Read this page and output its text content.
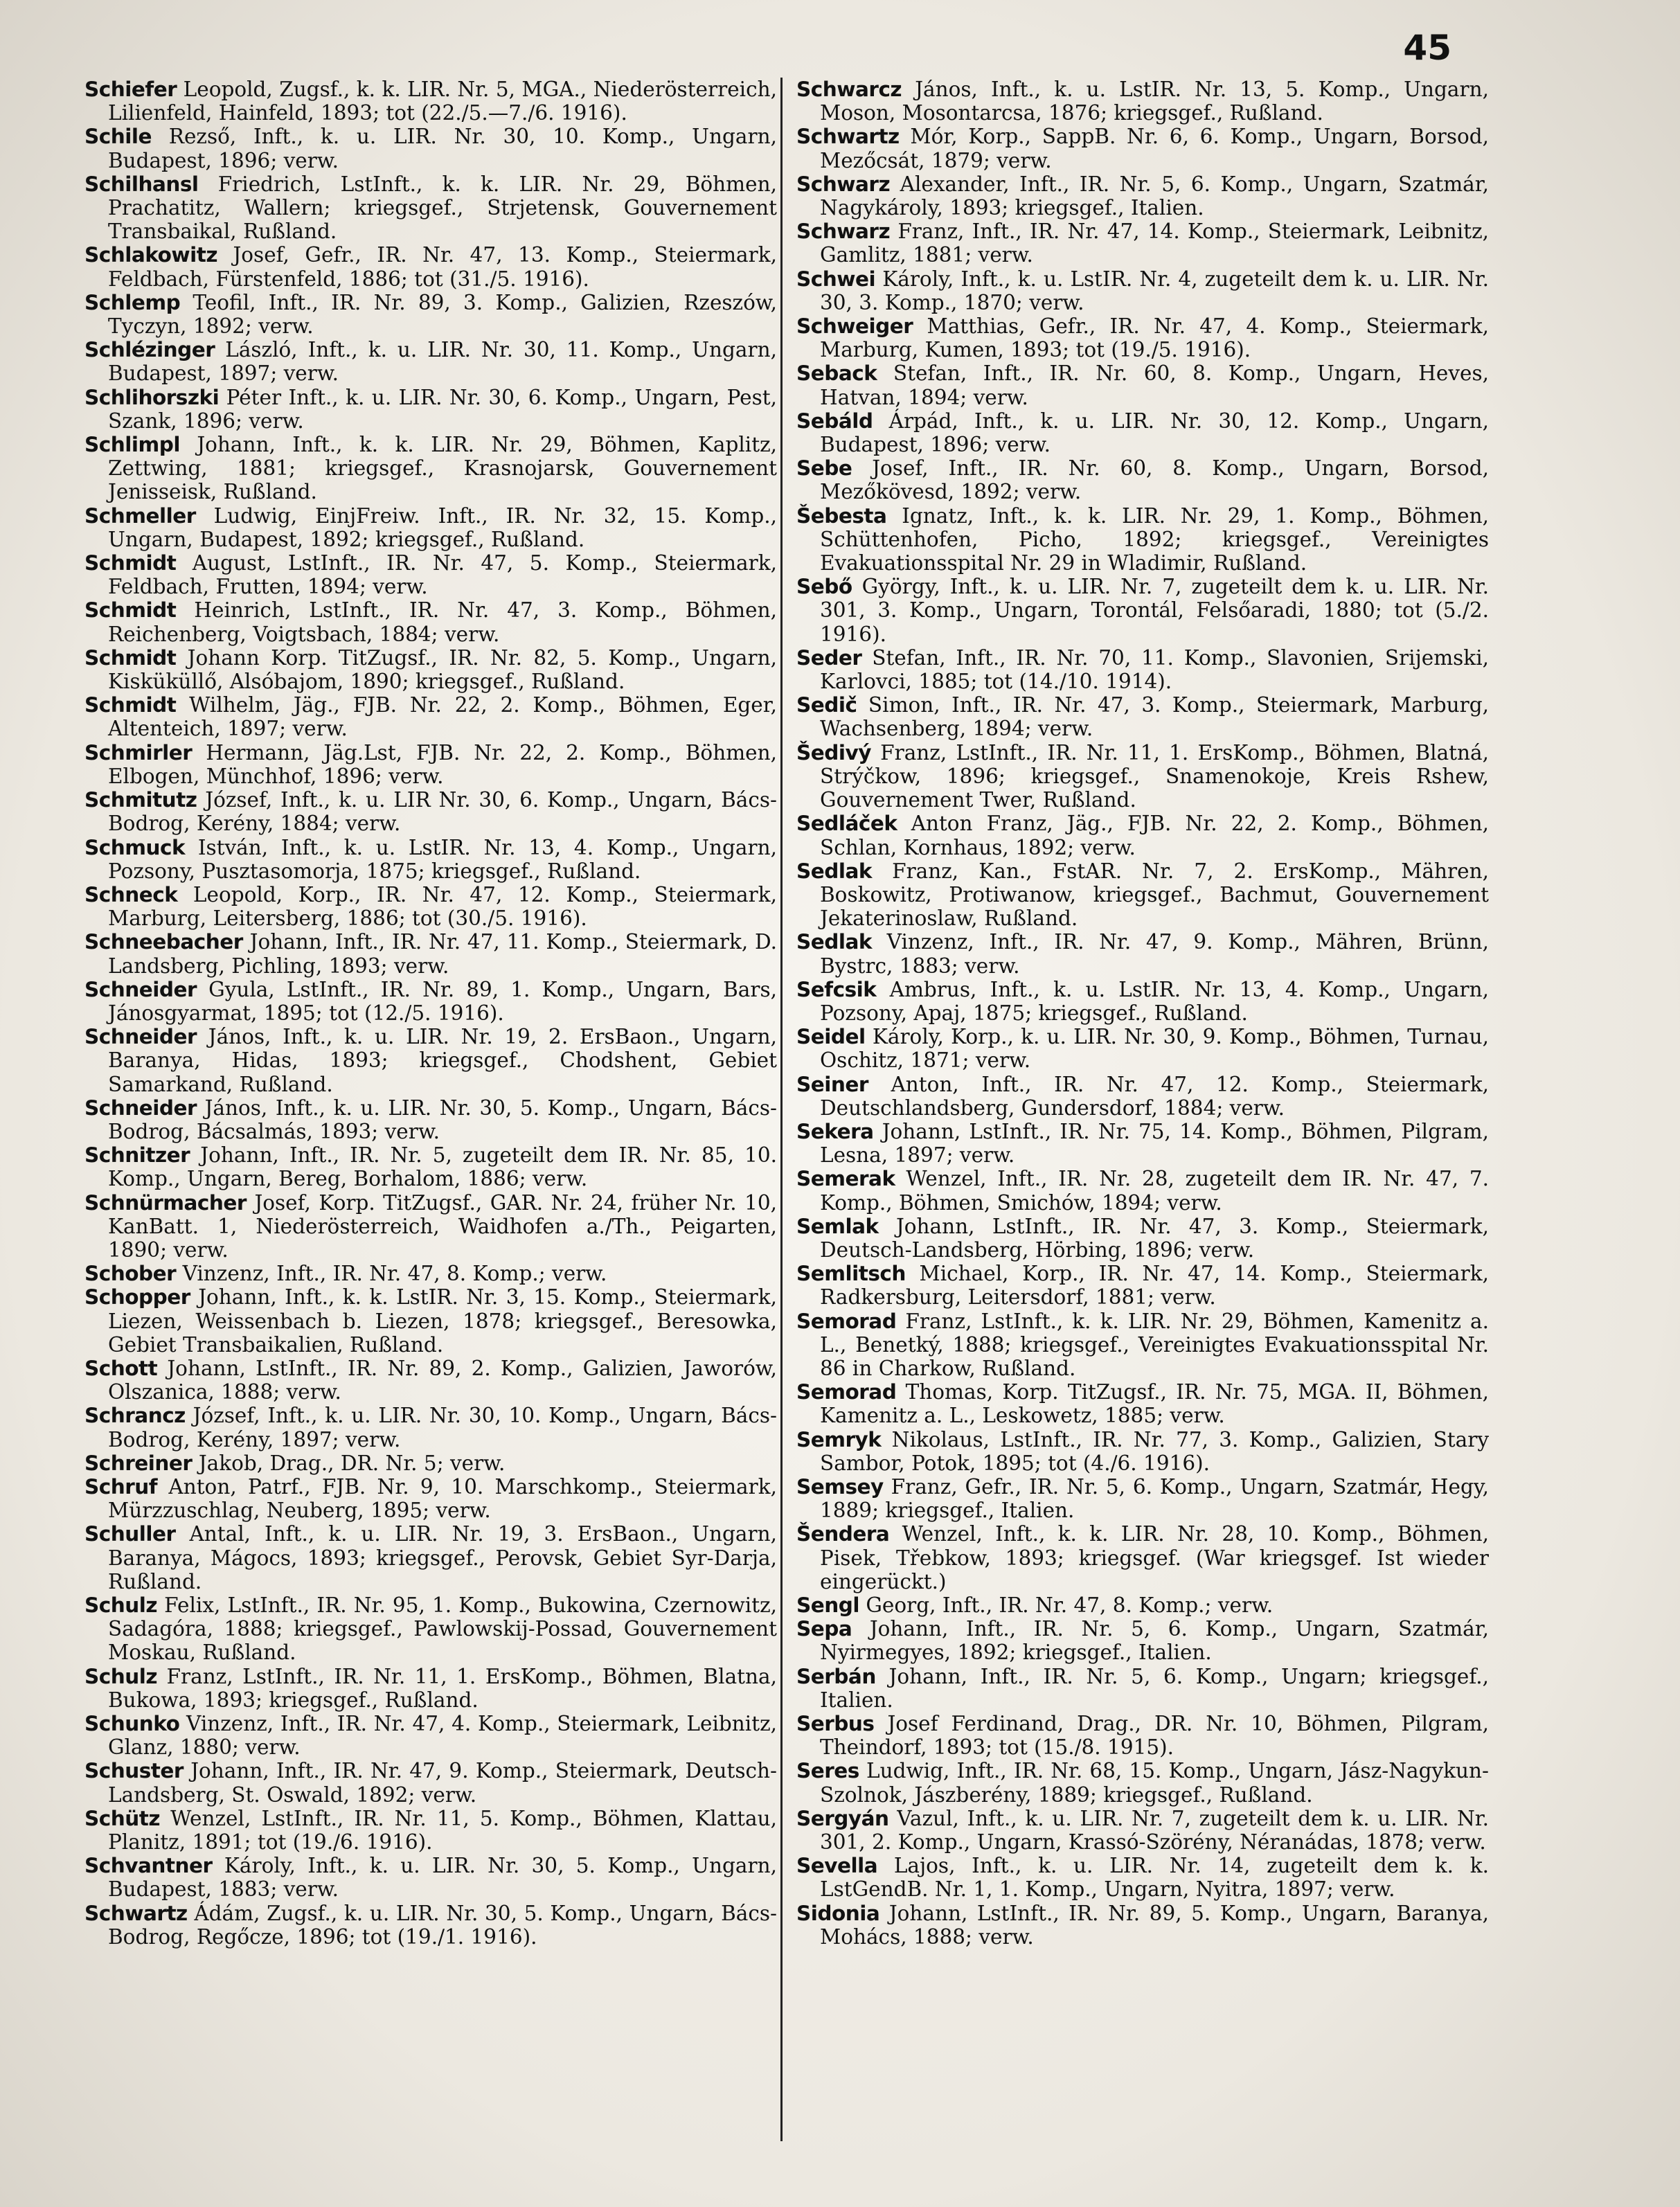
45

Schiefer Leopold, Zugsf., k. k. LIR. Nr. 5, MGA., Niederösterreich, Lilienfeld, Hainfeld, 1893; tot (22./5.—7./6. 1916).

Schile Rezső, Inft., k. u. LIR. Nr. 30, 10. Komp., Ungarn, Budapest, 1896; verw.

Schilhansl Friedrich, LstInft., k. k. LIR. Nr. 29, Böhmen, Prachatitz, Wallern; kriegsgef., Strjetensk, Gouvernement Transbaikal, Rußland.

Schlakowitz Josef, Gefr., IR. Nr. 47, 13. Komp., Steiermark, Feldbach, Fürstenfeld, 1886; tot (31./5. 1916).

Schlemp Teofil, Inft., IR. Nr. 89, 3. Komp., Galizien, Rzeszów, Tyczyn, 1892; verw.

Schlézinger László, Inft., k. u. LIR. Nr. 30, 11. Komp., Ungarn, Budapest, 1897; verw.

Schlihorszki Péter Inft., k. u. LIR. Nr. 30, 6. Komp., Ungarn, Pest, Szank, 1896; verw.

Schlimpl Johann, Inft., k. k. LIR. Nr. 29, Böhmen, Kaplitz, Zettwing, 1881; kriegsgef., Krasnojarsk, Gouvernement Jenisseisk, Rußland.

Schmeller Ludwig, EinjFreiw. Inft., IR. Nr. 32, 15. Komp., Ungarn, Budapest, 1892; kriegsgef., Rußland.

Schmidt August, LstInft., IR. Nr. 47, 5. Komp., Steiermark, Feldbach, Frutten, 1894; verw.

Schmidt Heinrich, LstInft., IR. Nr. 47, 3. Komp., Böhmen, Reichenberg, Voigtsbach, 1884; verw.

Schmidt Johann Korp. TitZugsf., IR. Nr. 82, 5. Komp., Ungarn, Kisküküllő, Alsóbajom, 1890; kriegsgef., Rußland.

Schmidt Wilhelm, Jäg., FJB. Nr. 22, 2. Komp., Böhmen, Eger, Altenteich, 1897; verw.

Schmirler Hermann, Jäg.Lst, FJB. Nr. 22, 2. Komp., Böhmen, Elbogen, Münchhof, 1896; verw.

Schmitutz József, Inft., k. u. LIR Nr. 30, 6. Komp., Ungarn, Bács-Bodrog, Kerény, 1884; verw.

Schmuck István, Inft., k. u. LstIR. Nr. 13, 4. Komp., Ungarn, Pozsony, Pusztasomorja, 1875; kriegsgef., Rußland.

Schneck Leopold, Korp., IR. Nr. 47, 12. Komp., Steiermark, Marburg, Leitersberg, 1886; tot (30./5. 1916).

Schneebacher Johann, Inft., IR. Nr. 47, 11. Komp., Steiermark, D. Landsberg, Pichling, 1893; verw.

Schneider Gyula, LstInft., IR. Nr. 89, 1. Komp., Ungarn, Bars, Jánosgyarmat, 1895; tot (12./5. 1916).

Schneider János, Inft., k. u. LIR. Nr. 19, 2. ErsBaon., Ungarn, Baranya, Hidas, 1893; kriegsgef., Chodshent, Gebiet Samarkand, Rußland.

Schneider János, Inft., k. u. LIR. Nr. 30, 5. Komp., Ungarn, Bács-Bodrog, Bácsalmás, 1893; verw.

Schnitzer Johann, Inft., IR. Nr. 5, zugeteilt dem IR. Nr. 85, 10. Komp., Ungarn, Bereg, Borhalom, 1886; verw.

Schnürmacher Josef, Korp. TitZugsf., GAR. Nr. 24, früher Nr. 10, KanBatt. 1, Niederösterreich, Waidhofen a./Th., Peigarten, 1890; verw.

Schober Vinzenz, Inft., IR. Nr. 47, 8. Komp.; verw.

Schopper Johann, Inft., k. k. LstIR. Nr. 3, 15. Komp., Steiermark, Liezen, Weissenbach b. Liezen, 1878; kriegsgef., Beresowka, Gebiet Transbaikalien, Rußland.

Schott Johann, LstInft., IR. Nr. 89, 2. Komp., Galizien, Jaworów, Olszanica, 1888; verw.

Schrancz József, Inft., k. u. LIR. Nr. 30, 10. Komp., Ungarn, Bács-Bodrog, Kerény, 1897; verw.

Schreiner Jakob, Drag., DR. Nr. 5; verw.

Schruf Anton, Patrf., FJB. Nr. 9, 10. Marschkomp., Steiermark, Mürzzuschlag, Neuberg, 1895; verw.

Schuller Antal, Inft., k. u. LIR. Nr. 19, 3. ErsBaon., Ungarn, Baranya, Mágocs, 1893; kriegsgef., Perovsk, Gebiet Syr-Darja, Rußland.

Schulz Felix, LstInft., IR. Nr. 95, 1. Komp., Bukowina, Czernowitz, Sadagóra, 1888; kriegsgef., Pawlowskij-Possad, Gouvernement Moskau, Rußland.

Schulz Franz, LstInft., IR. Nr. 11, 1. ErsKomp., Böhmen, Blatna, Bukowa, 1893; kriegsgef., Rußland.

Schunko Vinzenz, Inft., IR. Nr. 47, 4. Komp., Steiermark, Leibnitz, Glanz, 1880; verw.

Schuster Johann, Inft., IR. Nr. 47, 9. Komp., Steiermark, Deutsch-Landsberg, St. Oswald, 1892; verw.

Schütz Wenzel, LstInft., IR. Nr. 11, 5. Komp., Böhmen, Klattau, Planitz, 1891; tot (19./6. 1916).

Schvantner Károly, Inft., k. u. LIR. Nr. 30, 5. Komp., Ungarn, Budapest, 1883; verw.

Schwartz Ádám, Zugsf., k. u. LIR. Nr. 30, 5. Komp., Ungarn, Bács-Bodrog, Regőcze, 1896; tot (19./1. 1916).

Schwarcz János, Inft., k. u. LstIR. Nr. 13, 5. Komp., Ungarn, Moson, Mosontarcsa, 1876; kriegsgef., Rußland.

Schwartz Mór, Korp., SappB. Nr. 6, 6. Komp., Ungarn, Borsod, Mezőcsát, 1879; verw.

Schwarz Alexander, Inft., IR. Nr. 5, 6. Komp., Ungarn, Szatmár, Nagykároly, 1893; kriegsgef., Italien.

Schwarz Franz, Inft., IR. Nr. 47, 14. Komp., Steiermark, Leibnitz, Gamlitz, 1881; verw.

Schwei Károly, Inft., k. u. LstIR. Nr. 4, zugeteilt dem k. u. LIR. Nr. 30, 3. Komp., 1870; verw.

Schweiger Matthias, Gefr., IR. Nr. 47, 4. Komp., Steiermark, Marburg, Kumen, 1893; tot (19./5. 1916).

Seback Stefan, Inft., IR. Nr. 60, 8. Komp., Ungarn, Heves, Hatvan, 1894; verw.

Sebáld Árpád, Inft., k. u. LIR. Nr. 30, 12. Komp., Ungarn, Budapest, 1896; verw.

Sebe Josef, Inft., IR. Nr. 60, 8. Komp., Ungarn, Borsod, Mezőkövesd, 1892; verw.

Šebesta Ignatz, Inft., k. k. LIR. Nr. 29, 1. Komp., Böhmen, Schüttenhofen, Picho, 1892; kriegsgef., Vereinigtes Evakuationsspital Nr. 29 in Wladimir, Rußland.

Sebő György, Inft., k. u. LIR. Nr. 7, zugeteilt dem k. u. LIR. Nr. 301, 3. Komp., Ungarn, Torontál, Felsőaradi, 1880; tot (5./2. 1916).

Seder Stefan, Inft., IR. Nr. 70, 11. Komp., Slavonien, Srijemski, Karlovci, 1885; tot (14./10. 1914).

Sedič Simon, Inft., IR. Nr. 47, 3. Komp., Steiermark, Marburg, Wachsenberg, 1894; verw.

Šedivý Franz, LstInft., IR. Nr. 11, 1. ErsKomp., Böhmen, Blatná, Strýčkow, 1896; kriegsgef., Snamenokoje, Kreis Rshew, Gouvernement Twer, Rußland.

Sedláček Anton Franz, Jäg., FJB. Nr. 22, 2. Komp., Böhmen, Schlan, Kornhaus, 1892; verw.

Sedlak Franz, Kan., FstAR. Nr. 7, 2. ErsKomp., Mähren, Boskowitz, Protiwanow, kriegsgef., Bachmut, Gouvernement Jekaterinoslaw, Rußland.

Sedlak Vinzenz, Inft., IR. Nr. 47, 9. Komp., Mähren, Brünn, Bystrc, 1883; verw.

Sefcsik Ambrus, Inft., k. u. LstIR. Nr. 13, 4. Komp., Ungarn, Pozsony, Apaj, 1875; kriegsgef., Rußland.

Seidel Károly, Korp., k. u. LIR. Nr. 30, 9. Komp., Böhmen, Turnau, Oschitz, 1871; verw.

Seiner Anton, Inft., IR. Nr. 47, 12. Komp., Steiermark, Deutschlandsberg, Gundersdorf, 1884; verw.

Sekera Johann, LstInft., IR. Nr. 75, 14. Komp., Böhmen, Pilgram, Lesna, 1897; verw.

Semerak Wenzel, Inft., IR. Nr. 28, zugeteilt dem IR. Nr. 47, 7. Komp., Böhmen, Smichów, 1894; verw.

Semlak Johann, LstInft., IR. Nr. 47, 3. Komp., Steiermark, Deutsch-Landsberg, Hörbing, 1896; verw.

Semlitsch Michael, Korp., IR. Nr. 47, 14. Komp., Steiermark, Radkersburg, Leitersdorf, 1881; verw.

Semorad Franz, LstInft., k. k. LIR. Nr. 29, Böhmen, Kamenitz a. L., Benetký, 1888; kriegsgef., Vereinigtes Evakuationsspital Nr. 86 in Charkow, Rußland.

Semorad Thomas, Korp. TitZugsf., IR. Nr. 75, MGA. II, Böhmen, Kamenitz a. L., Leskowetz, 1885; verw.

Semryk Nikolaus, LstInft., IR. Nr. 77, 3. Komp., Galizien, Stary Sambor, Potok, 1895; tot (4./6. 1916).

Semsey Franz, Gefr., IR. Nr. 5, 6. Komp., Ungarn, Szatmár, Hegy, 1889; kriegsgef., Italien.

Šendera Wenzel, Inft., k. k. LIR. Nr. 28, 10. Komp., Böhmen, Pisek, Třebkow, 1893; kriegsgef. (War kriegsgef. Ist wieder eingerückt.)

Sengl Georg, Inft., IR. Nr. 47, 8. Komp.; verw.

Sepa Johann, Inft., IR. Nr. 5, 6. Komp., Ungarn, Szatmár, Nyirmegyes, 1892; kriegsgef., Italien.

Serbán Johann, Inft., IR. Nr. 5, 6. Komp., Ungarn; kriegsgef., Italien.

Serbus Josef Ferdinand, Drag., DR. Nr. 10, Böhmen, Pilgram, Theindorf, 1893; tot (15./8. 1915).

Seres Ludwig, Inft., IR. Nr. 68, 15. Komp., Ungarn, Jász-Nagykun-Szolnok, Jászberény, 1889; kriegsgef., Rußland.

Sergyán Vazul, Inft., k. u. LIR. Nr. 7, zugeteilt dem k. u. LIR. Nr. 301, 2. Komp., Ungarn, Krassó-Szörény, Néranádas, 1878; verw.

Sevella Lajos, Inft., k. u. LIR. Nr. 14, zugeteilt dem k. k. LstGendB. Nr. 1, 1. Komp., Ungarn, Nyitra, 1897; verw.

Sidonia Johann, LstInft., IR. Nr. 89, 5. Komp., Ungarn, Baranya, Mohács, 1888; verw.
